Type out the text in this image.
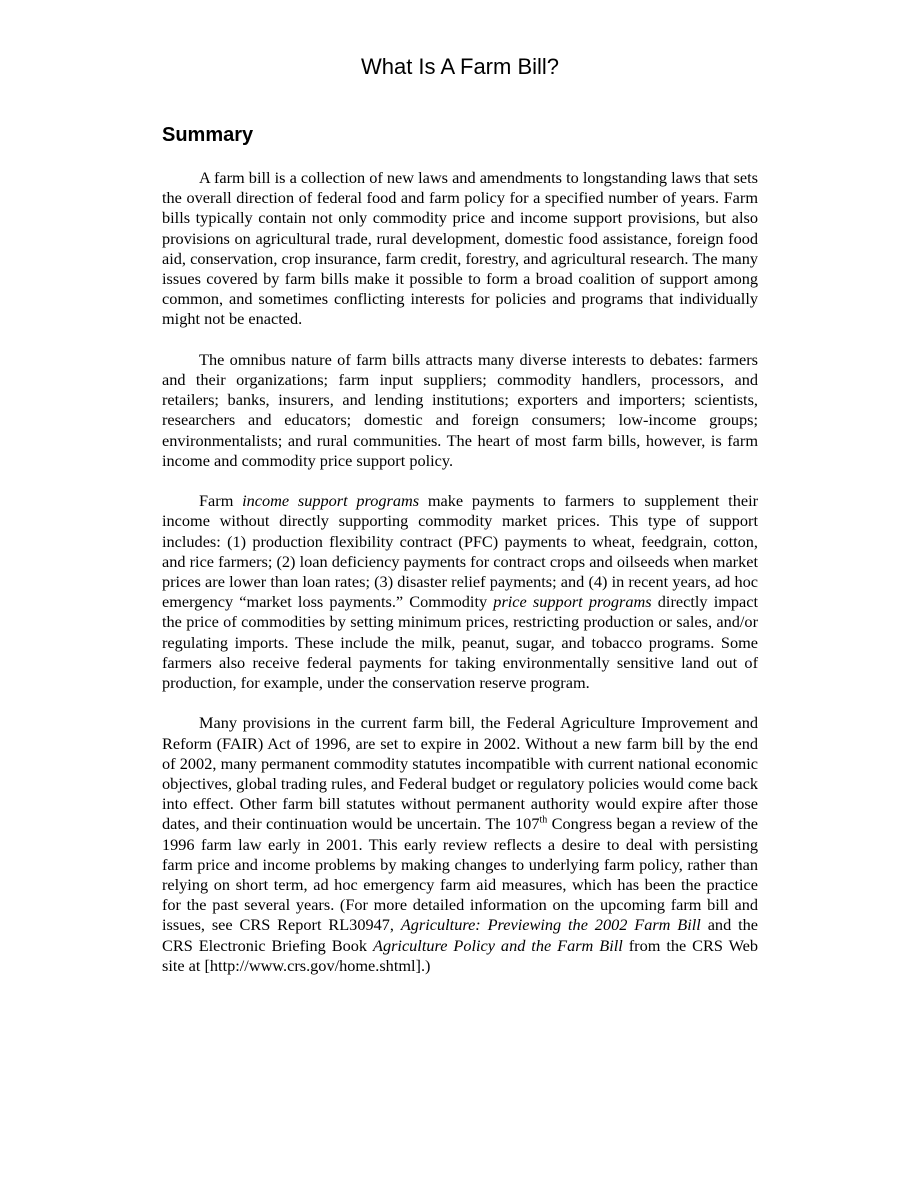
What Is A Farm Bill?
Summary

A farm bill is a collection of new laws and amendments to longstanding laws that sets the overall direction of federal food and farm policy for a specified number of years. Farm bills typically contain not only commodity price and income support provisions, but also provisions on agricultural trade, rural development, domestic food assistance, foreign food aid, conservation, crop insurance, farm credit, forestry, and agricultural research. The many issues covered by farm bills make it possible to form a broad coalition of support among common, and sometimes conflicting interests for policies and programs that individually might not be enacted.

The omnibus nature of farm bills attracts many diverse interests to debates: farmers and their organizations; farm input suppliers; commodity handlers, processors, and retailers; banks, insurers, and lending institutions; exporters and importers; scientists, researchers and educators; domestic and foreign consumers; low-income groups; environmentalists; and rural communities. The heart of most farm bills, however, is farm income and commodity price support policy.

Farm income support programs make payments to farmers to supplement their income without directly supporting commodity market prices. This type of support includes: (1) production flexibility contract (PFC) payments to wheat, feedgrain, cotton, and rice farmers; (2) loan deficiency payments for contract crops and oilseeds when market prices are lower than loan rates; (3) disaster relief payments; and (4) in recent years, ad hoc emergency “market loss payments.” Commodity price support programs directly impact the price of commodities by setting minimum prices, restricting production or sales, and/or regulating imports. These include the milk, peanut, sugar, and tobacco programs. Some farmers also receive federal payments for taking environmentally sensitive land out of production, for example, under the conservation reserve program.

Many provisions in the current farm bill, the Federal Agriculture Improvement and Reform (FAIR) Act of 1996, are set to expire in 2002. Without a new farm bill by the end of 2002, many permanent commodity statutes incompatible with current national economic objectives, global trading rules, and Federal budget or regulatory policies would come back into effect. Other farm bill statutes without permanent authority would expire after those dates, and their continuation would be uncertain. The 107th Congress began a review of the 1996 farm law early in 2001. This early review reflects a desire to deal with persisting farm price and income problems by making changes to underlying farm policy, rather than relying on short term, ad hoc emergency farm aid measures, which has been the practice for the past several years. (For more detailed information on the upcoming farm bill and issues, see CRS Report RL30947, Agriculture: Previewing the 2002 Farm Bill and the CRS Electronic Briefing Book Agriculture Policy and the Farm Bill from the CRS Web site at [http://www.crs.gov/home.shtml].)
